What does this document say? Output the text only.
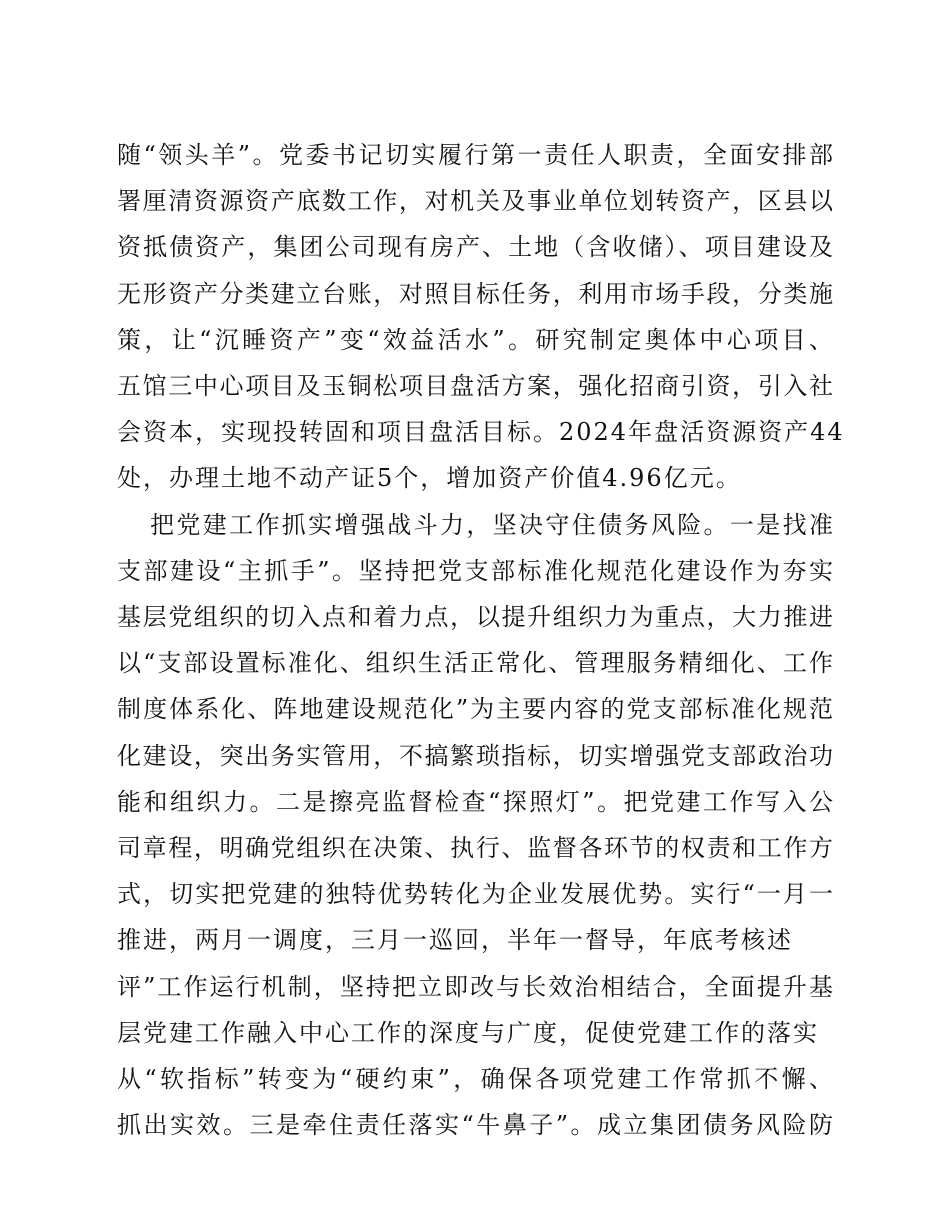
随“领头羊”。党委书记切实履行第一责任人职责，全面安排部
署厘清资源资产底数工作，对机关及事业单位划转资产，区县以
资抵债资产，集团公司现有房产、土地（含收储）、项目建设及
无形资产分类建立台账，对照目标任务，利用市场手段，分类施
策，让“沉睡资产”变“效益活水”。研究制定奥体中心项目、
五馆三中心项目及玉铜松项目盘活方案，强化招商引资，引入社
会资本，实现投转固和项目盘活目标。2024年盘活资源资产44
处，办理土地不动产证5个，增加资产价值4.96亿元。
把党建工作抓实增强战斗力，坚决守住债务风险。一是找准
支部建设“主抓手”。坚持把党支部标准化规范化建设作为夯实
基层党组织的切入点和着力点，以提升组织力为重点，大力推进
以“支部设置标准化、组织生活正常化、管理服务精细化、工作
制度体系化、阵地建设规范化”为主要内容的党支部标准化规范
化建设，突出务实管用，不搞繁琐指标，切实增强党支部政治功
能和组织力。二是擦亮监督检查“探照灯”。把党建工作写入公
司章程，明确党组织在决策、执行、监督各环节的权责和工作方
式，切实把党建的独特优势转化为企业发展优势。实行“一月一
推进，两月一调度，三月一巡回，半年一督导，年底考核述
评”工作运行机制，坚持把立即改与长效治相结合，全面提升基
层党建工作融入中心工作的深度与广度，促使党建工作的落实
从“软指标”转变为“硬约束”，确保各项党建工作常抓不懈、
抓出实效。三是牵住责任落实“牛鼻子”。成立集团债务风险防
